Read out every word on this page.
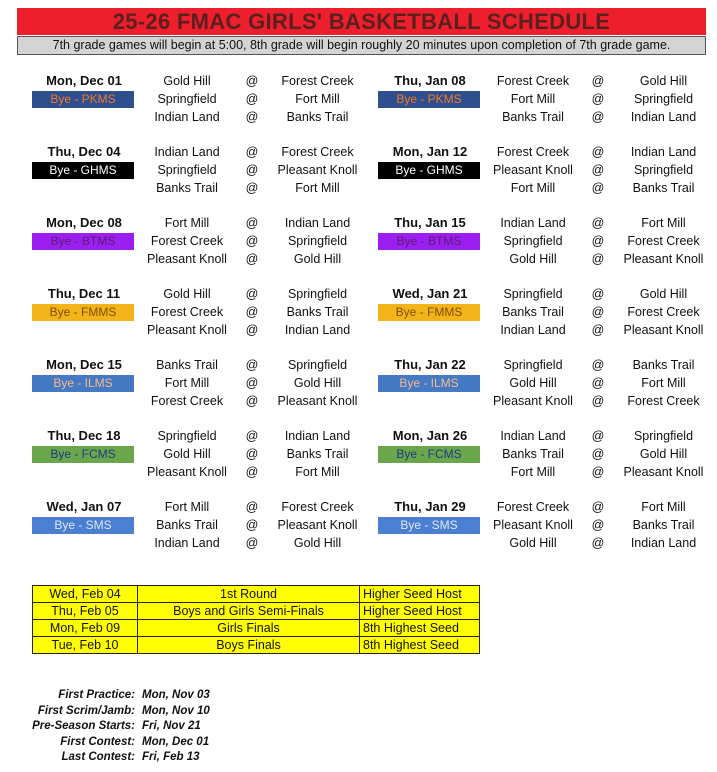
25-26 FMAC GIRLS' BASKETBALL SCHEDULE
7th grade games will begin at 5:00, 8th grade will begin roughly 20 minutes upon completion of 7th grade game.
Mon, Dec 01
Bye - PKMS
Gold Hill	@	Forest Creek
Springfield	@	Fort Mill
Indian Land	@	Banks Trail
Thu, Jan 08
Bye - PKMS
Forest Creek	@	Gold Hill
Fort Mill	@	Springfield
Banks Trail	@	Indian Land
Thu, Dec 04
Bye - GHMS
Indian Land	@	Forest Creek
Springfield	@	Pleasant Knoll
Banks Trail	@	Fort Mill
Mon, Jan 12
Bye - GHMS
Forest Creek	@	Indian Land
Pleasant Knoll	@	Springfield
Fort Mill	@	Banks Trail
Mon, Dec 08
Bye - BTMS
Fort Mill	@	Indian Land
Forest Creek	@	Springfield
Pleasant Knoll	@	Gold Hill
Thu, Jan 15
Bye - BTMS
Indian Land	@	Fort Mill
Springfield	@	Forest Creek
Gold Hill	@	Pleasant Knoll
Thu, Dec 11
Bye - FMMS
Gold Hill	@	Springfield
Forest Creek	@	Banks Trail
Pleasant Knoll	@	Indian Land
Wed, Jan 21
Bye - FMMS
Springfield	@	Gold Hill
Banks Trail	@	Forest Creek
Indian Land	@	Pleasant Knoll
Mon, Dec 15
Bye - ILMS
Banks Trail	@	Springfield
Fort Mill	@	Gold Hill
Forest Creek	@	Pleasant Knoll
Thu, Jan 22
Bye - ILMS
Springfield	@	Banks Trail
Gold Hill	@	Fort Mill
Pleasant Knoll	@	Forest Creek
Thu, Dec 18
Bye - FCMS
Springfield	@	Indian Land
Gold Hill	@	Banks Trail
Pleasant Knoll	@	Fort Mill
Mon, Jan 26
Bye - FCMS
Indian Land	@	Springfield
Banks Trail	@	Gold Hill
Fort Mill	@	Pleasant Knoll
Wed, Jan 07
Bye - SMS
Fort Mill	@	Forest Creek
Banks Trail	@	Pleasant Knoll
Indian Land	@	Gold Hill
Thu, Jan 29
Bye - SMS
Forest Creek	@	Fort Mill
Pleasant Knoll	@	Banks Trail
Gold Hill	@	Indian Land
Wed, Feb 04	1st Round	Higher Seed Host
Thu, Feb 05	Boys and Girls Semi-Finals	Higher Seed Host
Mon, Feb 09	Girls Finals	8th Highest Seed
Tue, Feb 10	Boys Finals	8th Highest Seed
First Practice: Mon, Nov 03
First Scrim/Jamb: Mon, Nov 10
Pre-Season Starts: Fri, Nov 21
First Contest: Mon, Dec 01
Last Contest: Fri, Feb 13
